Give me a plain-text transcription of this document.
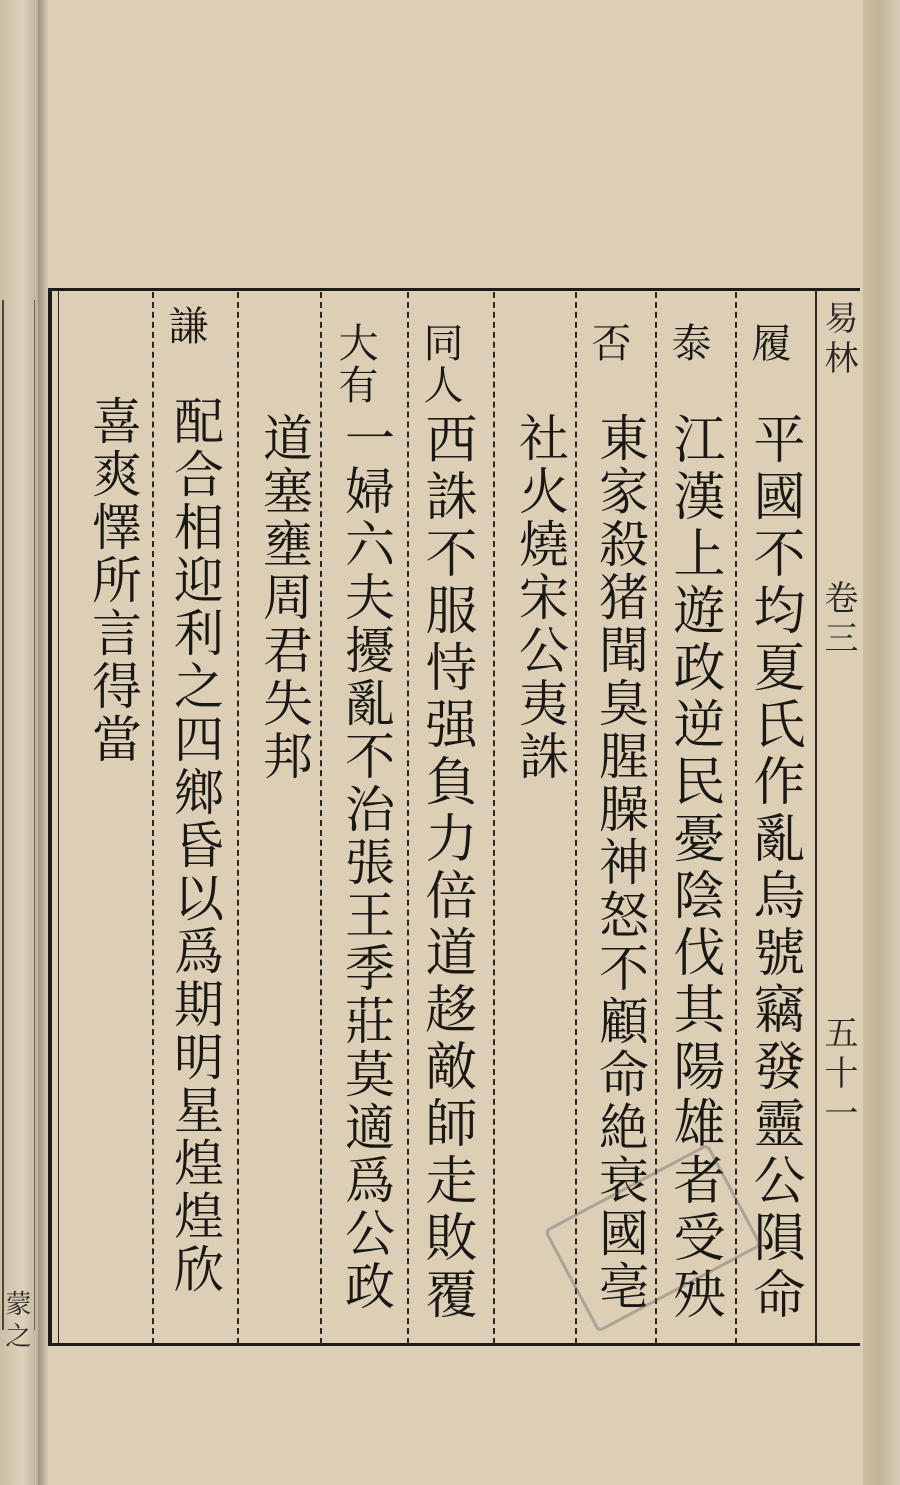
蒙之
易林
卷三
五十一
履
平國不均夏氏作亂烏號竊發靈公隕命
泰
江漢上遊政逆民憂陰伐其陽雄者受殃
否
東家殺猪聞臭腥臊神怒不顧命絶衰國亳社火燒宋公夷誅
同人
西誅不服恃强負力倍道趍敵師走敗覆
大有
一婦六夫擾亂不治張王季莊莫適爲公政道塞壅周君失邦
謙
配合相迎利之四鄉昏以爲期明星煌煌欣喜爽懌所言得當
